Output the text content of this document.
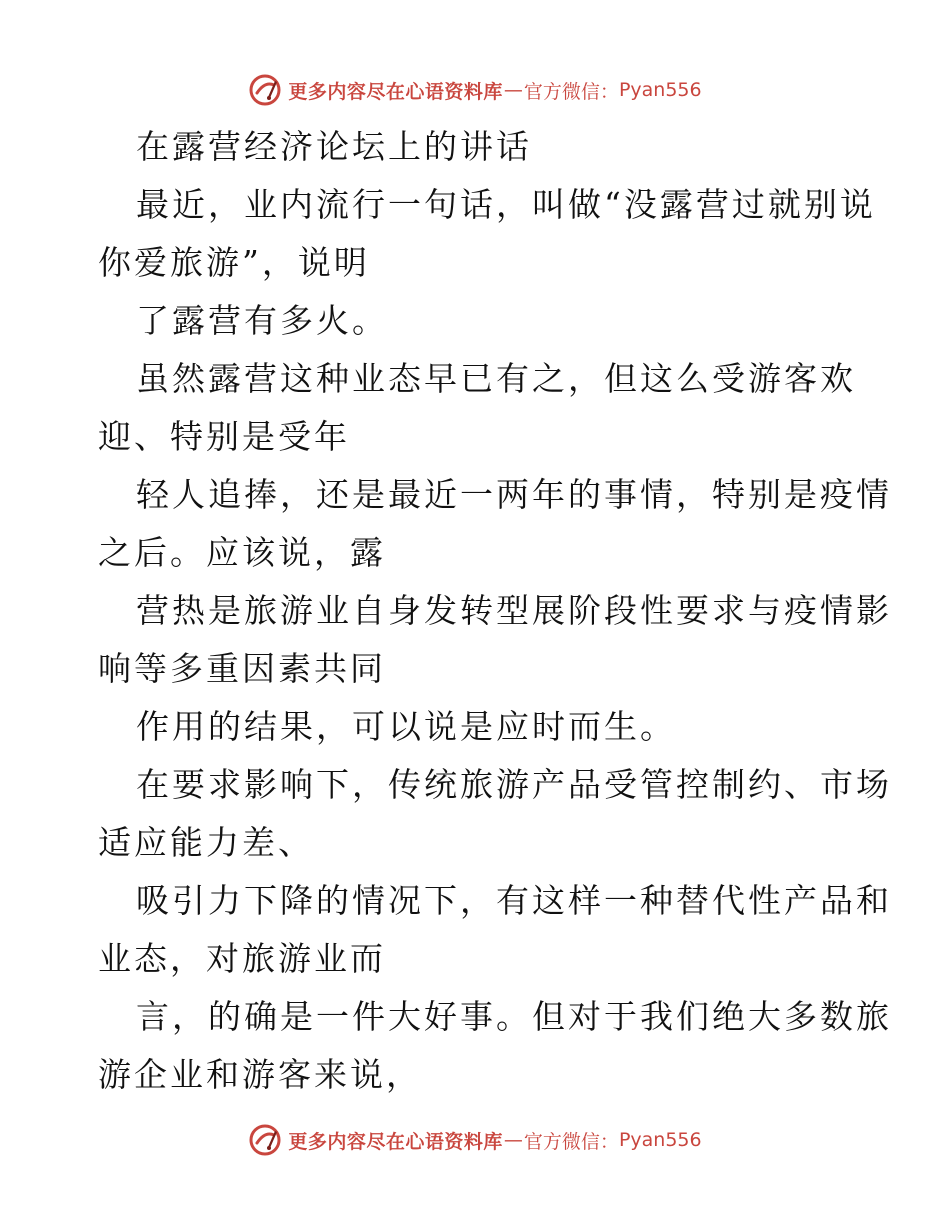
更多内容尽在心语资料库 — 官方微信： Pyan556
在露营经济论坛上的讲话
最近，业内流行一句话，叫做“没露营过就别说
你爱旅游”，说明
了露营有多火。
虽然露营这种业态早已有之，但这么受游客欢
迎、特别是受年
轻人追捧，还是最近一两年的事情，特别是疫情
之后。应该说，露
营热是旅游业自身发转型展阶段性要求与疫情影
响等多重因素共同
作用的结果，可以说是应时而生。
在要求影响下，传统旅游产品受管控制约、市场
适应能力差、
吸引力下降的情况下，有这样一种替代性产品和
业态，对旅游业而
言，的确是一件大好事。但对于我们绝大多数旅
游企业和游客来说，
更多内容尽在心语资料库 — 官方微信： Pyan556
